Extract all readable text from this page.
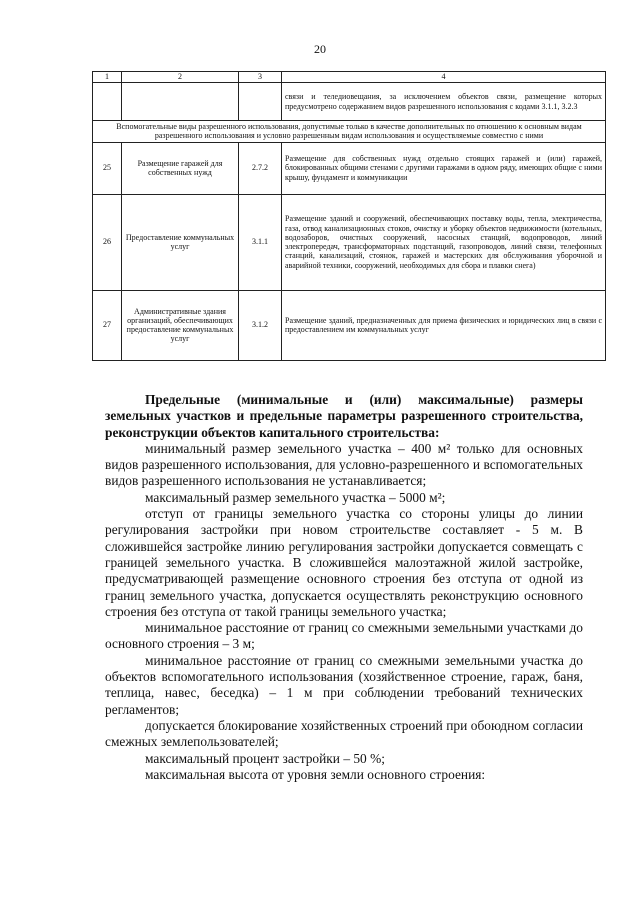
20
1	2	3	4
			связи и теледиовещания, за исключением объектов связи, размещение которых предусмотрено содержанием видов разрешенного использования с кодами 3.1.1, 3.2.3
Вспомогательные виды разрешенного использования, допустимые только в качестве дополнительных по отношению к основным видам разрешенного использования и условно разрешенным видам использования и осуществляемые совместно с ними			
25	Размещение гаражей для собственных нужд	2.7.2	Размещение для собственных нужд отдельно стоящих гаражей и (или) гаражей, блокированных общими стенами с другими гаражами в одном ряду, имеющих общие с ними крышу, фундамент и коммуникации
26	Предоставление коммунальных услуг	3.1.1	Размещение зданий и сооружений, обеспечивающих поставку воды, тепла, электричества, газа, отвод канализационных стоков, очистку и уборку объектов недвижимости (котельных, водозаборов, очистных сооружений, насосных станций, водопроводов, линий электропередач, трансформаторных подстанций, газопроводов, линий связи, телефонных станций, канализаций, стоянок, гаражей и мастерских для обслуживания уборочной и аварийной техники, сооружений, необходимых для сбора и плавки снега)
27	Административные здания организаций, обеспечивающих предоставление коммунальных услуг	3.1.2	Размещение зданий, предназначенных для приема физических и юридических лиц в связи с предоставлением им коммунальных услуг

Предельные (минимальные и (или) максимальные) размеры земельных участков и предельные параметры разрешенного строительства, реконструкции объектов капитального строительства:

минимальный размер земельного участка – 400 м² только для основных видов разрешенного использования, для условно-разрешенного и вспомогательных видов разрешенного использования не устанавливается;

максимальный размер земельного участка – 5000 м²;

отступ от границы земельного участка со стороны улицы до линии регулирования застройки при новом строительстве составляет - 5 м. В сложившейся застройке линию регулирования застройки допускается совмещать с границей земельного участка. В сложившейся малоэтажной жилой застройке, предусматривающей размещение основного строения без отступа от одной из границ земельного участка, допускается осуществлять реконструкцию основного строения без отступа от такой границы земельного участка;

минимальное расстояние от границ со смежными земельными участками до основного строения – 3 м;

минимальное расстояние от границ со смежными земельными участка до объектов вспомогательного использования (хозяйственное строение, гараж, баня, теплица, навес, беседка) – 1 м при соблюдении требований технических регламентов;

допускается блокирование хозяйственных строений при обоюдном согласии смежных землепользователей;

максимальный процент застройки – 50 %;

максимальная высота от уровня земли основного строения:
